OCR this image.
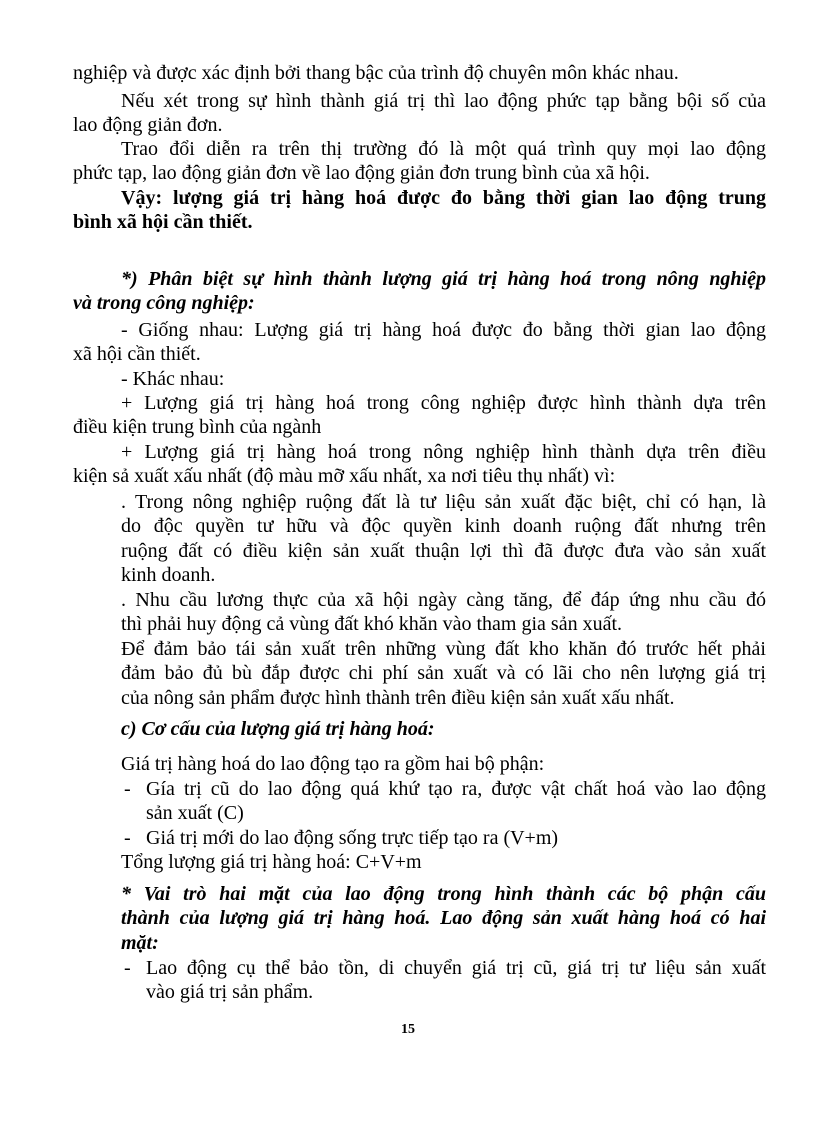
nghiệp và được xác định bởi thang bậc của trình độ chuyên môn khác nhau.
Nếu xét trong sự hình thành giá trị thì lao động phức tạp bằng bội số của
lao động giản đơn.
Trao đổi diễn ra trên thị trường đó là một quá trình quy mọi lao động
phức tạp, lao động giản đơn về lao động giản đơn trung bình của xã hội.
Vậy: lượng giá trị hàng hoá được đo bằng thời gian lao động trung
bình xã hội cần thiết.
*) Phân biệt sự hình thành lượng giá trị hàng hoá trong nông nghiệp
và trong công nghiệp:
- Giống nhau: Lượng giá trị hàng hoá được đo bằng thời gian lao động
xã hội cần thiết.
- Khác nhau:
+ Lượng giá trị hàng hoá trong công nghiệp được hình thành dựa trên
điều kiện trung bình của ngành
+ Lượng giá trị hàng hoá trong nông nghiệp hình thành dựa trên điều
kiện sả xuất xấu nhất (độ màu mỡ xấu nhất, xa nơi tiêu thụ nhất) vì:
. Trong nông nghiệp ruộng đất là tư liệu sản xuất đặc biệt, chỉ có hạn, là
do độc quyền tư hữu và độc quyền kinh doanh ruộng đất nhưng trên
ruộng đất có điều kiện sản xuất thuận lợi thì đã được đưa vào sản xuất
kinh doanh.
. Nhu cầu lương thực của xã hội ngày càng tăng, để đáp ứng nhu cầu đó
thì phải huy động cả vùng đất khó khăn vào tham gia sản xuất.
Để đảm bảo tái sản xuất trên những vùng đất kho khăn đó trước hết phải
đảm bảo đủ bù đắp được chi phí sản xuất và có lãi cho nên lượng giá trị
của nông sản phẩm được hình thành trên điều kiện sản xuất xấu nhất.
c) Cơ cấu của lượng giá trị hàng hoá:
Giá trị hàng hoá do lao động tạo ra gồm hai bộ phận:
- Gía trị cũ do lao động quá khứ tạo ra, được vật chất hoá vào lao động
sản xuất (C)
- Giá trị mới do lao động sống trực tiếp tạo ra (V+m)
Tổng lượng giá trị hàng hoá: C+V+m
* Vai trò hai mặt của lao động trong hình thành các bộ phận cấu
thành của lượng giá trị hàng hoá. Lao động sản xuất hàng hoá có hai
mặt:
- Lao động cụ thể bảo tồn, di chuyển giá trị cũ, giá trị tư liệu sản xuất
vào giá trị sản phẩm.
15
